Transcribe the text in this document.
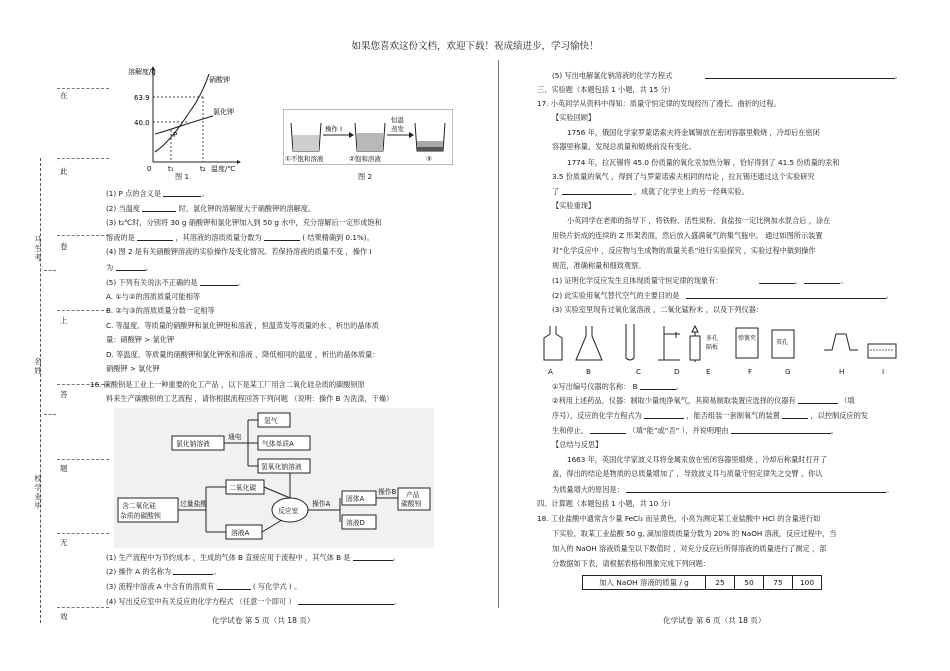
如果您喜欢这份文档，欢迎下载！祝成绩进步，学习愉快！
在
此
卷
上
答
题
无
效
马生考
名姓
校学业毕
溶解度/g
63.9
40.0
P
硝酸钾
氯化钾
0 t₁	t₂ 温度/℃
图 1
操作 I
恒温
蒸发
①不饱和溶液	②饱和溶液	③
图 2
(1) P 点的含义是	。
(2) 当温度	时，氯化钾的溶解度大于硝酸钾的溶解度。
(3) t₂℃时，分别将 30 g 硝酸钾和氯化钾加入到 50 g 水中，充分溶解后一定形成饱和
溶液的是	，其溶液的溶质质量分数为	( 结果精确到 0.1%)。
(4) 图 2 是有关硝酸钾溶液的实验操作及变化情况。若保持溶液的质量不变 ，操作 I
为	。
(5) 下列有关说法不正确的是	。
A. ①与②的溶质质量可能相等
B. ②与③的溶质质量分数一定相等
C. 等温度、等质量的硝酸钾和氯化钾饱和溶液 ，恒温蒸发等质量的水 ，析出的晶体质
量：硝酸钾 > 氯化钾
D. 等温度、等质量的硝酸钾和氯化钾饱和溶液 ，降低相同的温度 ，析出的晶体质量：
硝酸钾 > 氯化钾
16. 碳酸钡是工业上一种重要的化工产品 ，以下是某工厂用含二氧化硅杂质的碳酸钡原
料来生产碳酸钡的工艺流程 ，请你根据流程回答下列问题 （说明：操作 B 为洗涤，干燥）
氯化钠溶液
通电
氢气
气体单质A
氢氧化钠溶液
二氧化碳
含二氧化硅
杂质的碳酸钡
过量盐酸
溶液A
反应室
操作A
固体A
溶液D
操作B 产品
碳酸钡
(1) 生产流程中为节约成本 ，生成的气体 B 直接应用于流程中 ，其气体 B 是	。
(2) 操作 A 的名称为	。
(3) 流程中溶液 A 中含有的溶质有	( 写化学式 ) 。
(4) 写出反应室中有关反应的化学方程式 （任意一个即可 ）	。
化学试卷 第 5 页（共 18 页）
(5) 写出电解氯化钠溶液的化学方程式	。
三、实验题（本题包括 1 小题，共 15 分）
17. 小英同学从资料中得知：质量守恒定律的发现经历了漫长、曲折的过程。
【实验回顾】
1756 年，俄国化学家罗蒙诺索夫将金属锡放在密闭容器里煅烧 ，冷却后在密闭
容器里称量，发现总质量和煅烧前没有变化。
1774 年，拉瓦锡将 45.0 份质量的氧化汞加热分解 ，恰好得到了 41.5 份质量的汞和
3.5 份质量的氧气 ，得到了与罗蒙诺索夫相同的结论 ，拉瓦锡还通过这个实验研究
了	，成就了化学史上的另一经典实验。
【实验重现】
小英同学在老师的指导下 ，将铁粉、活性炭粉、食盐按一定比例加水混合后 ，涂在
用铁片折成的连续的 Z 形架表面，然后放入盛满氧气的集气瓶中。 通过如图所示装置
对“化学反应中 ，反应物与生成物的质量关系”进行实验探究 ，实验过程中做到操作
规范，准确称量和细致观察。
(1) 证明化学反应发生且体现质量守恒定律的现象有：	，	。
(2) 此实验用氧气替代空气的主要目的是	。
(3) 实验室里现有过氧化氢溶液 ，二氧化锰粉末 ，以及下列仪器：
多孔
隔板
弹簧夹
双孔
A	B	C	D	E	F	G	H	I
①写出编号仪器的名称： B	。
②利用上述药品，仪器：制取少量纯净氧气，其简易制取装置应选择的仪器有	（填
序号），反应的化学方程式为	，能否组装一套制氧气的装置	，以控制反应的发
生和停止。	（填“能”或“否” ），并说明理由	。
【总结与反思】
1663 年，英国化学家波义耳将金属汞放在密闭容器里煅烧 ，冷却后称量时打开了
盖，得出的结论是物质的总质量增加了 ，导致波义耳与质量守恒定律失之交臂 ，你认
为质量增大的原因是：	。
四、计算题（本题包括 1 小题，共 10 分）
18. 工业盐酸中通常含少量 FeCl₃ 而呈黄色，小亮为测定某工业盐酸中 HCl 的含量进行如
下实验，取某工业盐酸 50 g, 滴加溶质质量分数为 20% 的 NaOH 溶液，反应过程中，当
加入的 NaOH 溶液质量至以下数值时 ，对充分反应后所得溶液的质量进行了测定 ，部
分数据如下表，请根据表格和图象完成下列问题：
加入 NaOH 溶液的质量 / g	25	50	75	100
化学试卷 第 6 页（共 18 页）
